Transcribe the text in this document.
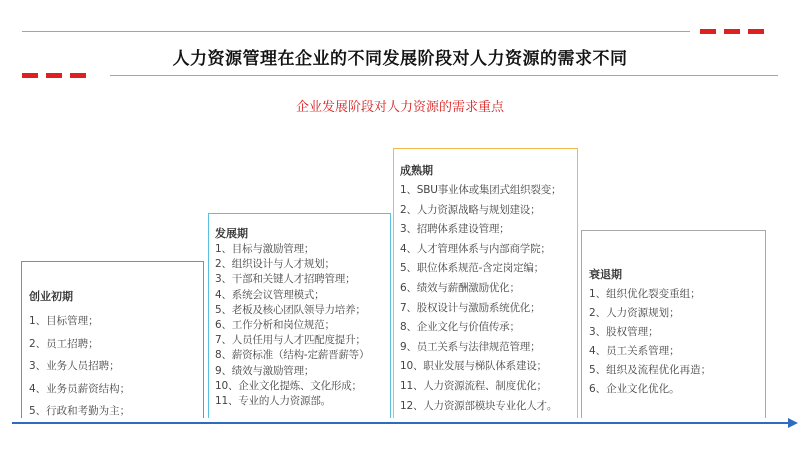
人力资源管理在企业的不同发展阶段对人力资源的需求不同
企业发展阶段对人力资源的需求重点
创业初期
1、目标管理；
2、员工招聘；
3、业务人员招聘；
4、业务员薪资结构；
5、行政和考勤为主；
发展期
1、目标与激励管理；
2、组织设计与人才规划；
3、干部和关键人才招聘管理；
4、系统会议管理模式；
5、老板及核心团队领导力培养；
6、工作分析和岗位规范；
7、人员任用与人才匹配度提升；
8、薪资标准（结构-定薪晋薪等）
9、绩效与激励管理；
10、企业文化提炼、文化形成；
11、专业的人力资源部。
成熟期
1、SBU事业体或集团式组织裂变；
2、人力资源战略与规划建设；
3、招聘体系建设管理；
4、人才管理体系与内部商学院；
5、职位体系规范-含定岗定编；
6、绩效与薪酬激励优化；
7、股权设计与激励系统优化；
8、企业文化与价值传承；
9、员工关系与法律规范管理；
10、职业发展与梯队体系建设；
11、人力资源流程、制度优化；
12、人力资源部模块专业化人才。
衰退期
1、组织优化裂变重组；
2、人力资源规划；
3、股权管理；
4、员工关系管理；
5、组织及流程优化再造；
6、企业文化优化。
